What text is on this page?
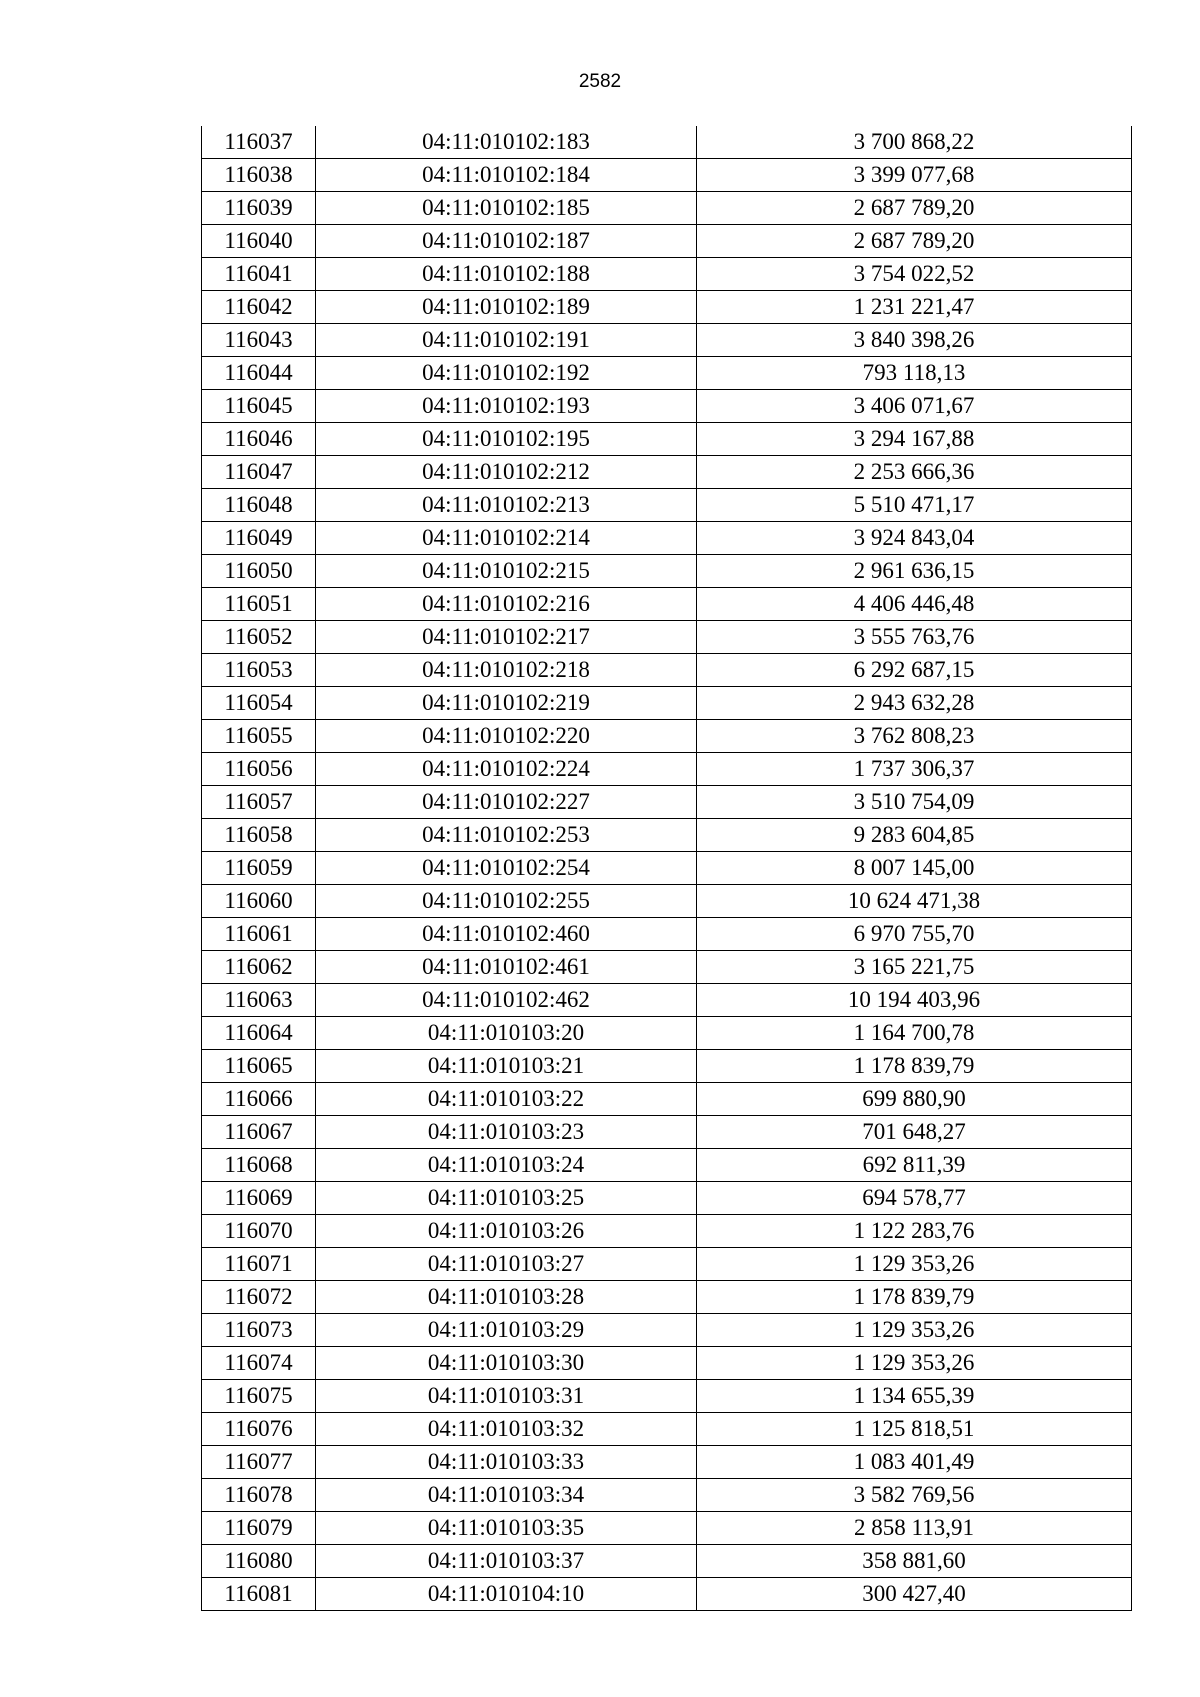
2582
116037	04:11:010102:183	3 700 868,22
116038	04:11:010102:184	3 399 077,68
116039	04:11:010102:185	2 687 789,20
116040	04:11:010102:187	2 687 789,20
116041	04:11:010102:188	3 754 022,52
116042	04:11:010102:189	1 231 221,47
116043	04:11:010102:191	3 840 398,26
116044	04:11:010102:192	793 118,13
116045	04:11:010102:193	3 406 071,67
116046	04:11:010102:195	3 294 167,88
116047	04:11:010102:212	2 253 666,36
116048	04:11:010102:213	5 510 471,17
116049	04:11:010102:214	3 924 843,04
116050	04:11:010102:215	2 961 636,15
116051	04:11:010102:216	4 406 446,48
116052	04:11:010102:217	3 555 763,76
116053	04:11:010102:218	6 292 687,15
116054	04:11:010102:219	2 943 632,28
116055	04:11:010102:220	3 762 808,23
116056	04:11:010102:224	1 737 306,37
116057	04:11:010102:227	3 510 754,09
116058	04:11:010102:253	9 283 604,85
116059	04:11:010102:254	8 007 145,00
116060	04:11:010102:255	10 624 471,38
116061	04:11:010102:460	6 970 755,70
116062	04:11:010102:461	3 165 221,75
116063	04:11:010102:462	10 194 403,96
116064	04:11:010103:20	1 164 700,78
116065	04:11:010103:21	1 178 839,79
116066	04:11:010103:22	699 880,90
116067	04:11:010103:23	701 648,27
116068	04:11:010103:24	692 811,39
116069	04:11:010103:25	694 578,77
116070	04:11:010103:26	1 122 283,76
116071	04:11:010103:27	1 129 353,26
116072	04:11:010103:28	1 178 839,79
116073	04:11:010103:29	1 129 353,26
116074	04:11:010103:30	1 129 353,26
116075	04:11:010103:31	1 134 655,39
116076	04:11:010103:32	1 125 818,51
116077	04:11:010103:33	1 083 401,49
116078	04:11:010103:34	3 582 769,56
116079	04:11:010103:35	2 858 113,91
116080	04:11:010103:37	358 881,60
116081	04:11:010104:10	300 427,40
